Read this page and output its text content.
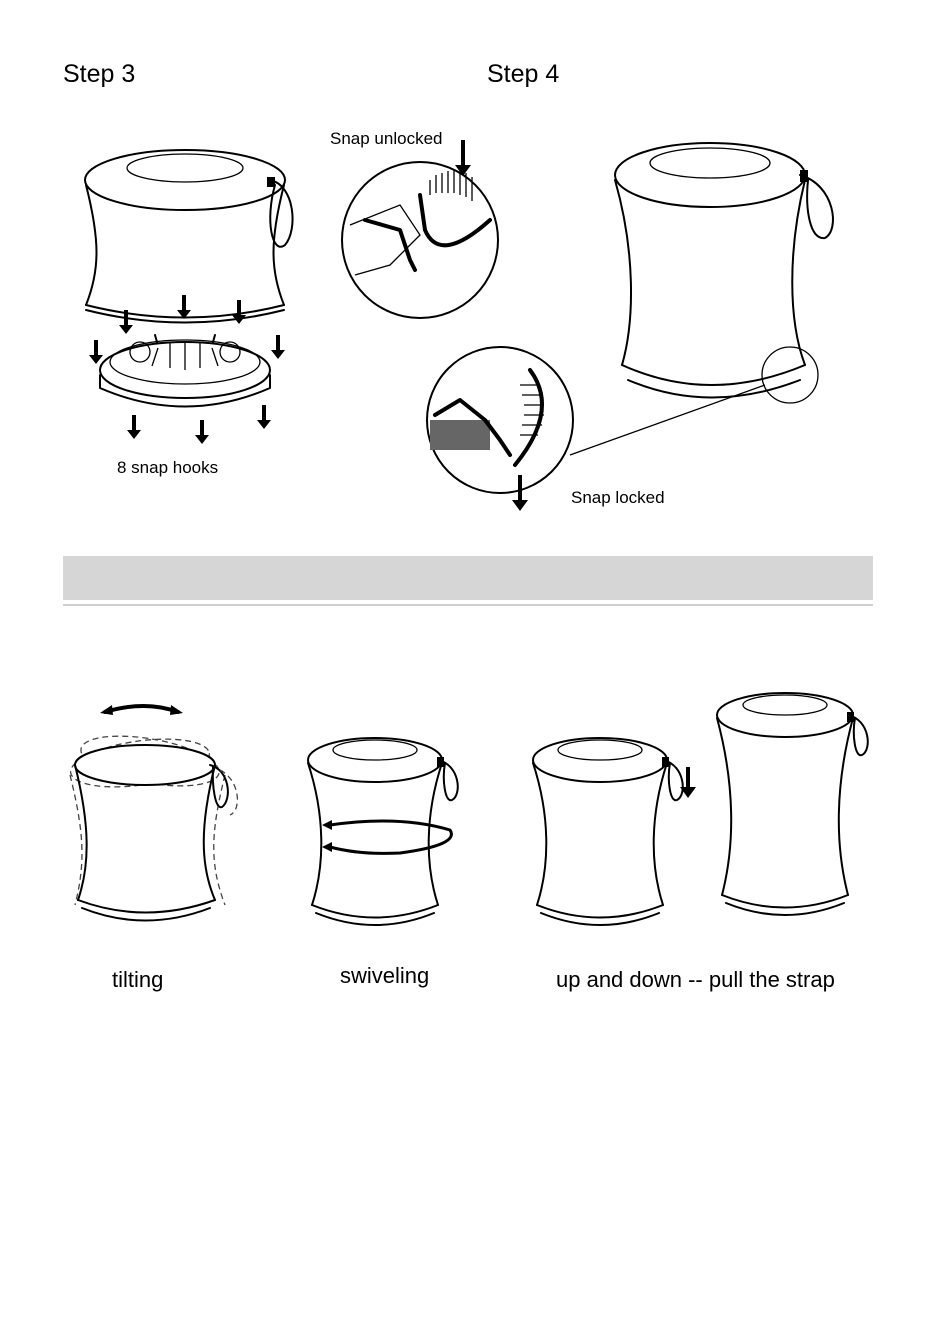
Step 3	Step 4
8 snap hooks
Snap unlocked
Snap locked
tilting	swiveling	up and down -- pull the strap
